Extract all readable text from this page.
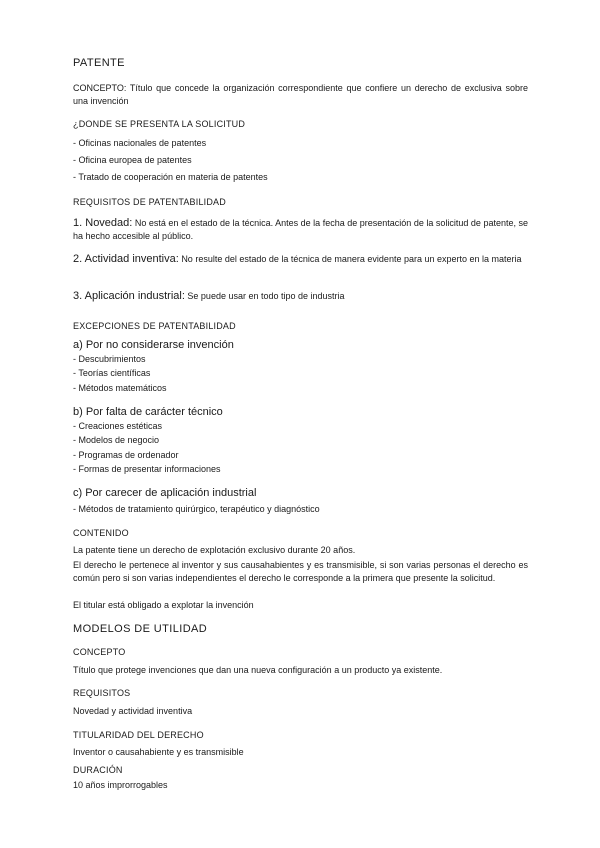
PATENTE
CONCEPTO: Título que concede la organización correspondiente que confiere un derecho de exclusiva sobre una invención
¿DONDE SE PRESENTA LA SOLICITUD
- Oficinas nacionales de patentes
- Oficina europea de patentes
- Tratado de cooperación en materia de patentes
REQUISITOS DE PATENTABILIDAD
1. Novedad: No está en el estado de la técnica. Antes de la fecha de presentación de la solicitud de patente, se ha hecho accesible al público.
2. Actividad inventiva: No resulte del estado de la técnica de manera evidente para un experto en la materia
3. Aplicación industrial: Se puede usar en todo tipo de industria
EXCEPCIONES DE PATENTABILIDAD
a) Por no considerarse invención
- Descubrimientos
- Teorías científicas
- Métodos matemáticos
b) Por falta de carácter técnico
- Creaciones estéticas
- Modelos de negocio
- Programas de ordenador
- Formas de presentar informaciones
c) Por carecer de aplicación industrial
- Métodos de tratamiento quirúrgico, terapéutico y diagnóstico
CONTENIDO
La patente tiene un derecho de explotación exclusivo durante 20 años.
El derecho le pertenece al inventor y sus causahabientes y es transmisible, si son varias personas el derecho es común pero si son varias independientes el derecho le corresponde a la primera que presente la solicitud.
El titular está obligado a explotar la invención
MODELOS DE UTILIDAD
CONCEPTO
Título que protege invenciones que dan una nueva configuración a un producto ya existente.
REQUISITOS
Novedad y actividad inventiva
TITULARIDAD DEL DERECHO
Inventor o causahabiente y es transmisible
DURACIÓN
10 años improrrogables
